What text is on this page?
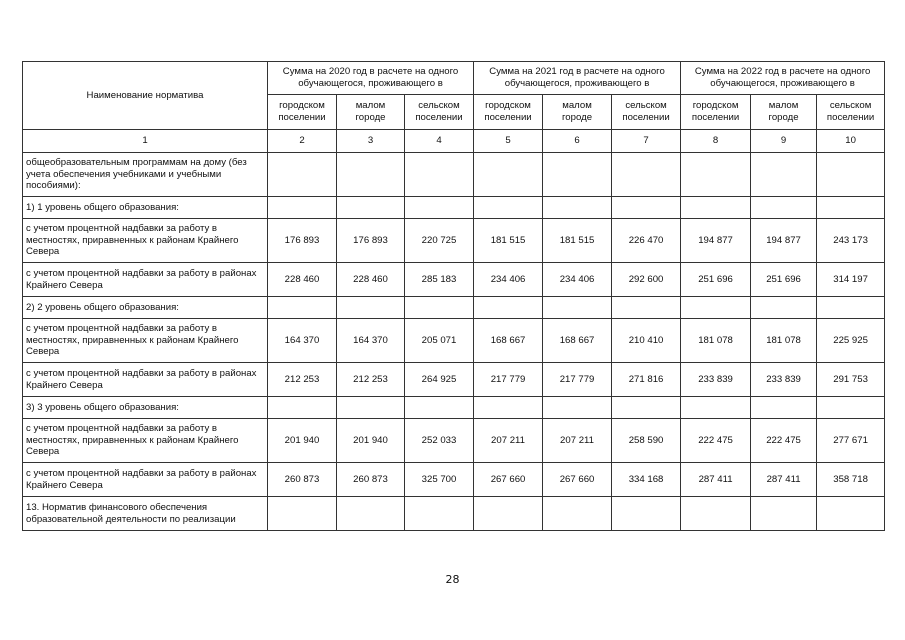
Наименование норматива	Сумма на 2020 год в расчете на одного обучающегося, проживающего в			Сумма на 2021 год в расчете на одного обучающегося, проживающего в			Сумма на 2022 год в расчете на одного обучающегося, проживающего в		
	городском поселении	малом городе	сельском поселении	городском поселении	малом городе	сельском поселении	городском поселении	малом городе	сельском поселении
1	2	3	4	5	6	7	8	9	10
общеобразовательным программам на дому (без учета обеспечения учебниками и учебными пособиями):									
1) 1 уровень общего образования:									
с учетом процентной надбавки за работу в местностях, приравненных к районам Крайнего Севера	176 893	176 893	220 725	181 515	181 515	226 470	194 877	194 877	243 173
с учетом процентной надбавки за работу в районах Крайнего Севера	228 460	228 460	285 183	234 406	234 406	292 600	251 696	251 696	314 197
2) 2 уровень общего образования:									
с учетом процентной надбавки за работу в местностях, приравненных к районам Крайнего Севера	164 370	164 370	205 071	168 667	168 667	210 410	181 078	181 078	225 925
с учетом процентной надбавки за работу в районах Крайнего Севера	212 253	212 253	264 925	217 779	217 779	271 816	233 839	233 839	291 753
3) 3 уровень общего образования:									
с учетом процентной надбавки за работу в местностях, приравненных к районам Крайнего Севера	201 940	201 940	252 033	207 211	207 211	258 590	222 475	222 475	277 671
с учетом процентной надбавки за работу в районах Крайнего Севера	260 873	260 873	325 700	267 660	267 660	334 168	287 411	287 411	358 718
13. Норматив финансового обеспечения образовательной деятельности по реализации									
28
